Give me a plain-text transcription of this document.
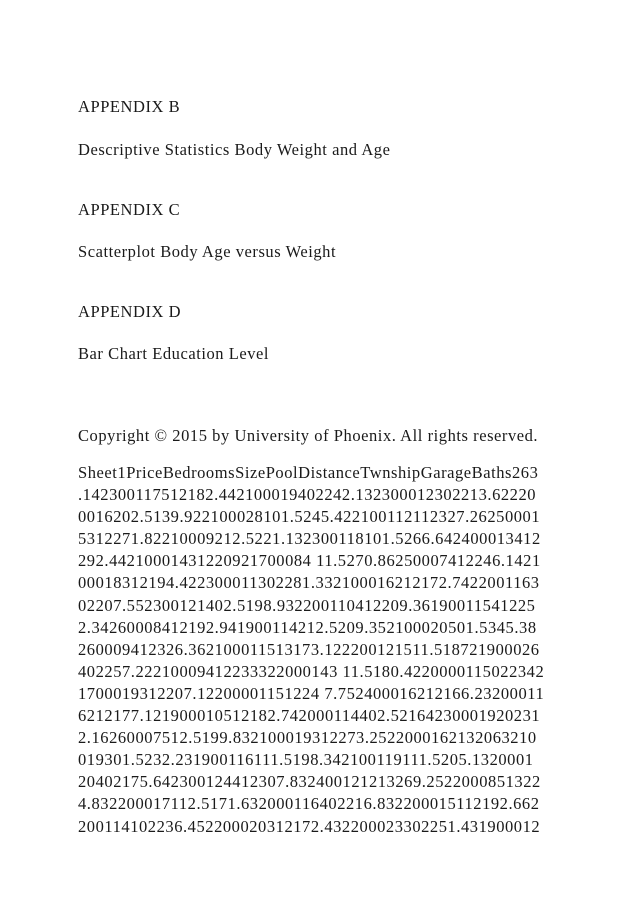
APPENDIX B
Descriptive Statistics Body Weight and Age
APPENDIX C
Scatterplot Body Age versus Weight
APPENDIX D
Bar Chart Education Level
Copyright © 2015 by University of Phoenix. All rights reserved.
Sheet1PriceBedroomsSizePoolDistanceTwnshipGarageBaths263
.142300117512182.442100019402242.132300012302213.62220
0016202.5139.922100028101.5245.422100112112327.26250001
5312271.82210009212.5221.132300118101.5266.642400013412
292.44210001431220921700084 11.5270.86250007412246.1421
00018312194.422300011302281.332100016212172.7422001163
02207.552300121402.5198.932200110412209.36190011541225
2.34260008412192.941900114212.5209.352100020501.5345.38
260009412326.362100011513173.122200121511.518721900026
402257.22210009412233322000143 11.5180.4220000115022342
1700019312207.12200001151224 7.752400016212166.23200011
6212177.121900010512182.742000114402.52164230001920231
2.16260007512.5199.832100019312273.2522000162132063210
019301.5232.231900116111.5198.342100119111.5205.1320001
20402175.642300124412307.832400121213269.2522000851322
4.832200017112.5171.632000116402216.832200015112192.662
200114102236.452200020312172.432200023302251.431900012
